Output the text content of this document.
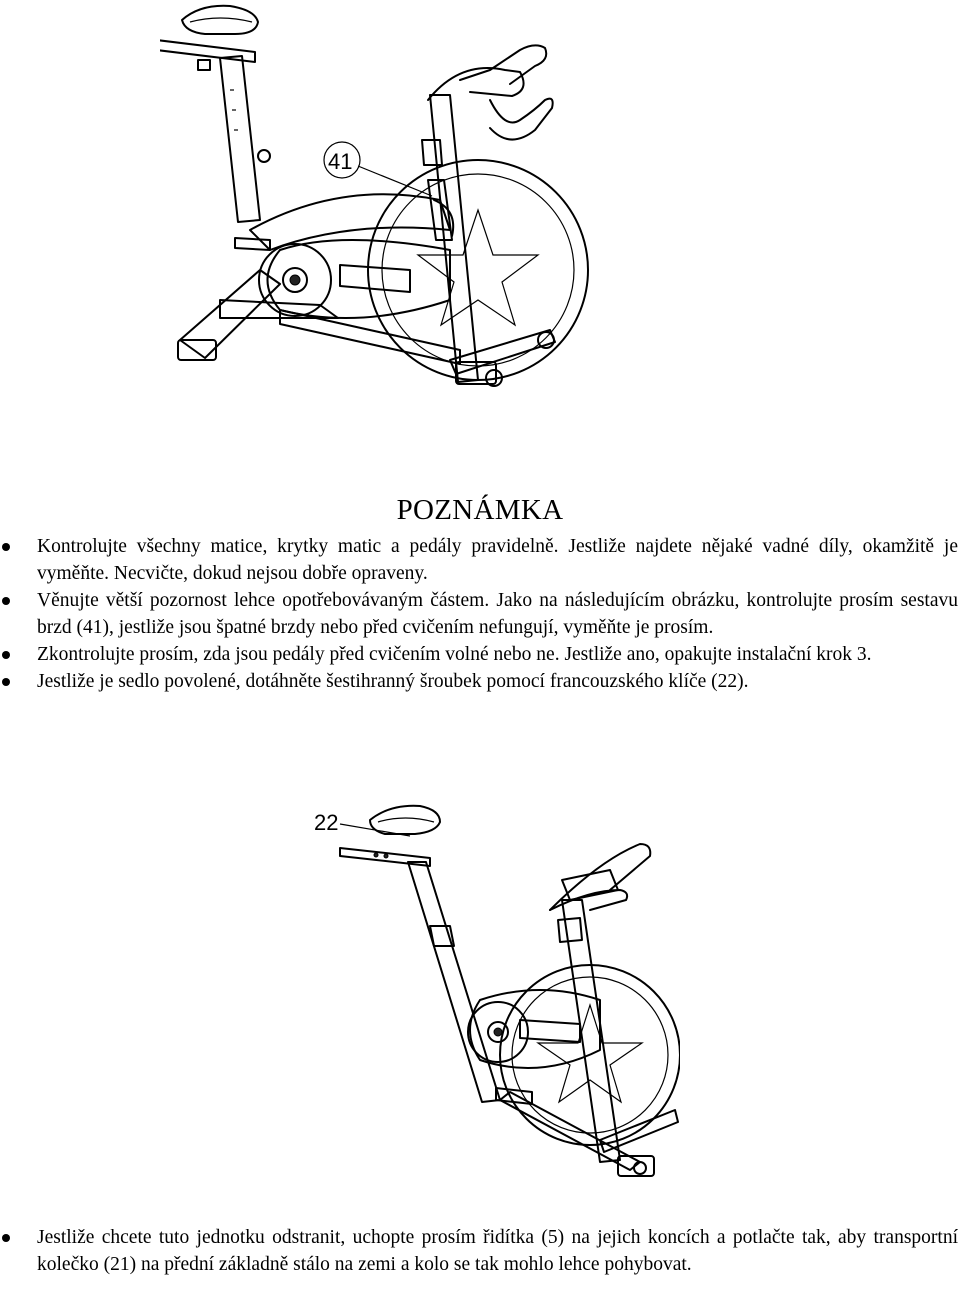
41
POZNÁMKA
Kontrolujte všechny matice, krytky matic a pedály pravidelně. Jestliže najdete nějaké vadné díly, okamžitě je vyměňte. Necvičte, dokud nejsou dobře opraveny.
Věnujte větší pozornost lehce opotřebovávaným částem. Jako na následujícím obrázku, kontrolujte prosím sestavu brzd (41), jestliže jsou špatné brzdy nebo před cvičením nefungují, vyměňte je prosím.
Zkontrolujte prosím, zda jsou pedály před cvičením volné nebo ne. Jestliže ano, opakujte instalační krok 3.
Jestliže je sedlo povolené, dotáhněte šestihranný šroubek pomocí francouzského klíče (22).
22
Jestliže chcete tuto jednotku odstranit, uchopte prosím řidítka (5) na jejich koncích a potlačte tak, aby transportní kolečko (21) na přední základně stálo na zemi a kolo se tak mohlo lehce pohybovat.
